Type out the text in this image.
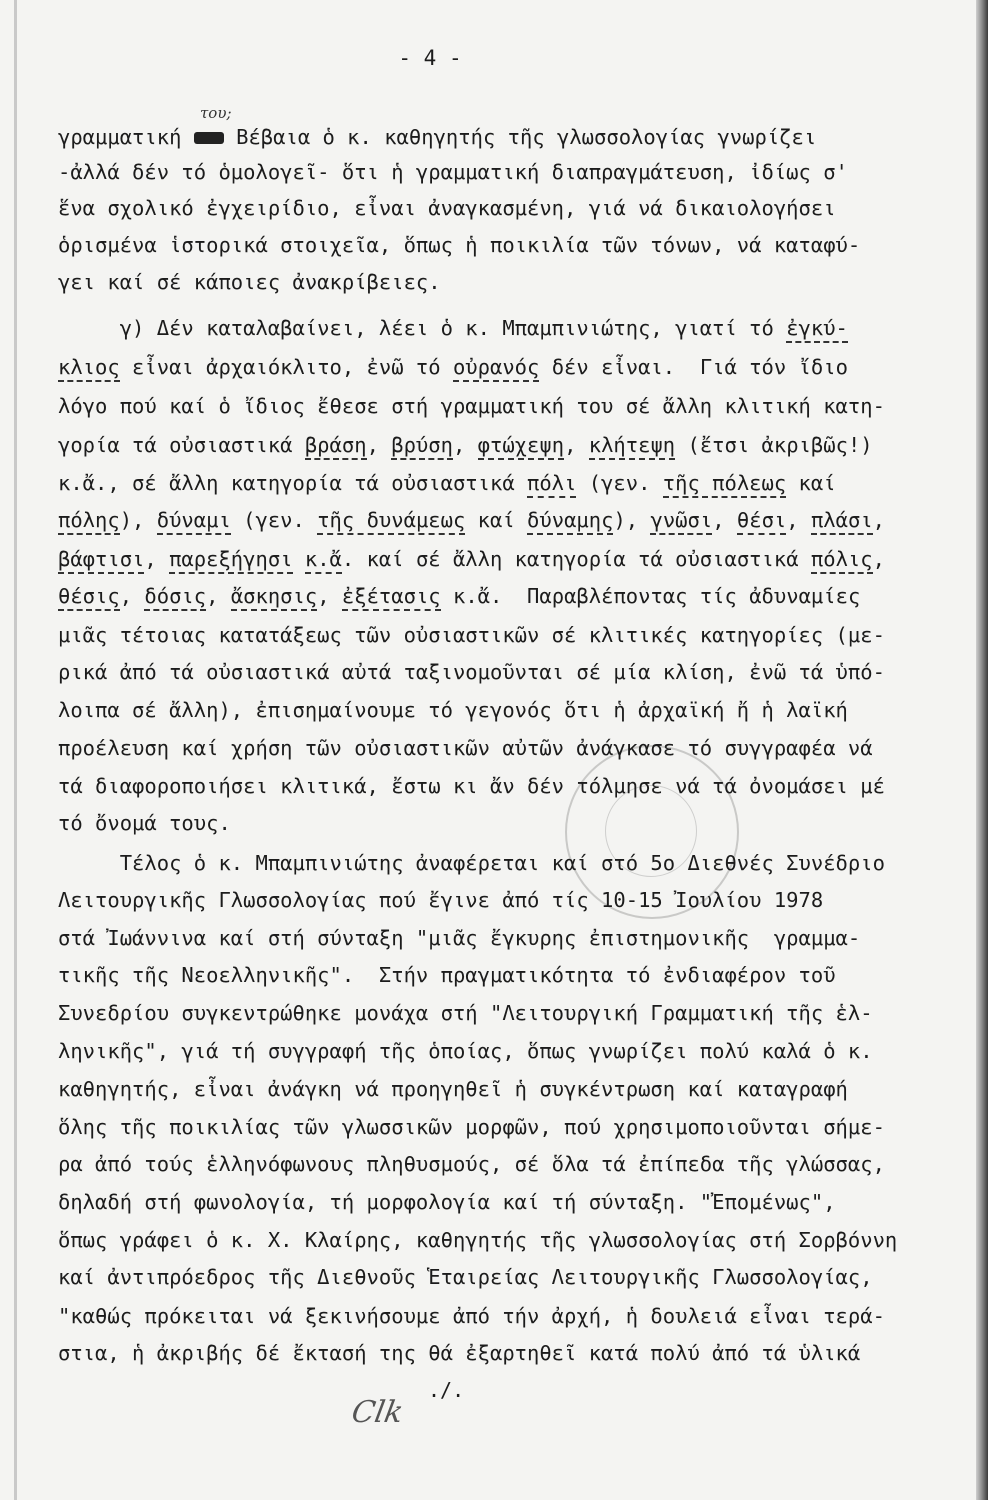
- 4 -
του;
γραμματική  Βέβαια ὁ κ. καθηγητής τῆς γλωσσολογίας γνωρίζει
-ἀλλά δέν τό ὁμολογεῖ- ὅτι ἡ γραμματική διαπραγμάτευση, ἰδίως σ'
ἕνα σχολικό ἐγχειρίδιο, εἶναι ἀναγκασμένη, γιά νά δικαιολογήσει
ὁρισμένα ἱστορικά στοιχεῖα, ὅπως ἡ ποικιλία τῶν τόνων, νά καταφύ-
γει καί σέ κάποιες ἀνακρίβειες.
γ) Δέν καταλαβαίνει, λέει ὁ κ. Μπαμπινιώτης, γιατί τό ἐγκύ-
κλιος εἶναι ἀρχαιόκλιτο, ἐνῶ τό οὐρανός δέν εἶναι.  Γιά τόν ἴδιο
λόγο πού καί ὁ ἴδιος ἔθεσε στή γραμματική του σέ ἄλλη κλιτική κατη-
γορία τά οὐσιαστικά βράση, βρύση, φτώχεψη, κλήτεψη (ἔτσι ἀκριβῶς!)
κ.ἄ., σέ ἄλλη κατηγορία τά οὐσιαστικά πόλι (γεν. τῆς πόλεως καί
πόλης), δύναμι (γεν. τῆς δυνάμεως καί δύναμης), γνῶσι, θέσι, πλάσι,
βάφτισι, παρεξήγησι κ.ἄ. καί σέ ἄλλη κατηγορία τά οὐσιαστικά πόλις,
θέσις, δόσις, ἄσκησις, ἐξέτασις κ.ἄ.  Παραβλέποντας τίς ἀδυναμίες
μιᾶς τέτοιας κατατάξεως τῶν οὐσιαστικῶν σέ κλιτικές κατηγορίες (με-
ρικά ἀπό τά οὐσιαστικά αὐτά ταξινομοῦνται σέ μία κλίση, ἐνῶ τά ὑπό-
λοιπα σέ ἄλλη), ἐπισημαίνουμε τό γεγονός ὅτι ἡ ἀρχαϊκή ἤ ἡ λαϊκή
προέλευση καί χρήση τῶν οὐσιαστικῶν αὐτῶν ἀνάγκασε τό συγγραφέα νά
τά διαφοροποιήσει κλιτικά, ἔστω κι ἄν δέν τόλμησε νά τά ὀνομάσει μέ
τό ὄνομά τους.
Τέλος ὁ κ. Μπαμπινιώτης ἀναφέρεται καί στό 5ο Διεθνές Συνέδριο
Λειτουργικῆς Γλωσσολογίας πού ἔγινε ἀπό τίς 10-15 Ἰουλίου 1978
στά Ἰωάννινα καί στή σύνταξη "μιᾶς ἔγκυρης ἐπιστημονικῆς  γραμμα-
τικῆς τῆς Νεοελληνικῆς".  Στήν πραγματικότητα τό ἐνδιαφέρον τοῦ
Συνεδρίου συγκεντρώθηκε μονάχα στή "Λειτουργική Γραμματική τῆς ἑλ-
ληνικῆς", γιά τή συγγραφή τῆς ὁποίας, ὅπως γνωρίζει πολύ καλά ὁ κ.
καθηγητής, εἶναι ἀνάγκη νά προηγηθεῖ ἡ συγκέντρωση καί καταγραφή
ὅλης τῆς ποικιλίας τῶν γλωσσικῶν μορφῶν, πού χρησιμοποιοῦνται σήμε-
ρα ἀπό τούς ἑλληνόφωνους πληθυσμούς, σέ ὅλα τά ἐπίπεδα τῆς γλώσσας,
δηλαδή στή φωνολογία, τή μορφολογία καί τή σύνταξη. "Ἐπομένως",
ὅπως γράφει ὁ κ. Χ. Κλαίρης, καθηγητής τῆς γλωσσολογίας στή Σορβόννη
καί ἀντιπρόεδρος τῆς Διεθνοῦς Ἑταιρείας Λειτουργικῆς Γλωσσολογίας,
"καθώς πρόκειται νά ξεκινήσουμε ἀπό τήν ἀρχή, ἡ δουλειά εἶναι τερά-
στια, ἡ ἀκριβής δέ ἔκτασή της θά ἐξαρτηθεῖ κατά πολύ ἀπό τά ὑλικά
./.
Clk
